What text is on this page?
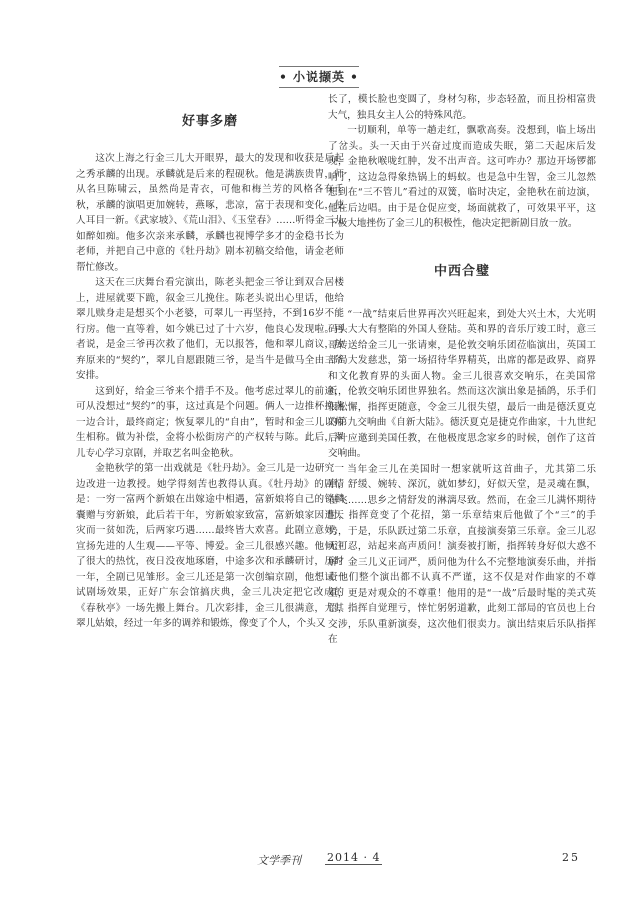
• 小说撷英 •
好事多磨

这次上海之行金三儿大开眼界，最大的发现和收获是后起之秀承麟的出现。承麟就是后来的程砚秋。他是满族贵胄，师从名旦陈啸云，虽然尚是青衣，可他和梅兰芳的风格各有千秋，承麟的演唱更加婉转，燕啄，悲凉，富于表现和变化，使人耳目一新。《武家坡》、《荒山泪》、《玉堂春》……听得金三儿如醉如痴。他多次亲来承麟，承麟也视博学多才的金稳书长为老师，并把自己中意的《牡丹劫》剧本初稿交给他，请金老师帮忙修改。

这天在三庆舞台看完演出，陈老头把金三爷让到双合居楼上，进屋就要下跪，叙金三儿挽住。陈老头说出心里话，他给翠儿赎身走是想买个小老婆，可翠儿一再坚持，不到16岁不能行房。他一直等着，如今姚已过了十六岁，他良心发现啦。再者说，是金三爷再次救了他们，无以报答，他和翠儿商议，放弃原来的“契约”，翠儿自愿跟随三爷，是当牛是做马全由三爷安排。

这到好，给金三爷来个措手不及。他考虑过翠儿的前途，可从没想过“契约”的事，这过真是个问题。俩人一边推杯换盏一边合计，最终商定；恢复翠儿的“自由”，暂时和金三儿以师生相称。做为补偿，金将小松街房产的产权转与陈。此后，翠儿专心学习京剧，并取艺名叫金艳秋。

金艳秋学的第一出戏就是《牡丹劫》。金三儿是一边研究一边改进一边教授。她学得刻苦也教得认真。《牡丹劫》的剧情是：一穷一富两个新娘在出嫁途中相遇，富新娘将自己的锁麟囊赠与穷新娘，此后若干年，穷新娘家致富，富新娘家因遭天灾而一贫如洗，后两家巧遇……最终皆大欢喜。此剧立意好，宣扬先进的人生观——平等、博爱。金三儿很感兴趣。他倾注了很大的热忱，夜日没夜地琢磨，中途多次和承麟研讨，历时一年，全剧已见雏形。金三儿还是第一次创编京剧，他想试一试剧场效果，正好广东会馆搞庆典，金三儿决定把它改成的《春秋亭》一场先搬上舞台。几次彩排，金三儿很满意，尤其翠儿姑娘，经过一年多的调养和锻炼，像变了个人，个头又

长了，模长脸也变圆了，身材匀称，步态轻盈，而且扮相富贵大气，独具女主人公的特殊风范。

一切顺利，单等一趟走红，飘歌高奏。没想到，临上场出了岔头。头一天由于兴奋过度而造成失眠，第二天起床后发现，金艳秋喉咙红肿，发不出声音。这可咋办？那边开场锣都响了，这边急得象热锅上的蚂蚁。也是急中生智，金三儿忽然想到在“三不管儿”看过的双簧，临时决定，金艳秋在前边演，他在后边唱。由于是仓促应变，场面就救了，可效果平平，这下极大地挫伤了金三儿的积极性，他决定把新剧目放一放。

中西合璧

“一战”结束后世界再次兴旺起来，到处大兴土木，大光明码头大大有整陷的外国人登陆。英和界的音乐厅竣工时，意三哥转送给金三儿一张请柬，是伦敦交响乐团莅临演出，英国工部局大发慈悲，第一场招待华界精英，出席的都是政界、商界和文化教育界的头面人物。金三儿很喜欢交响乐，在美国常听，伦敦交响乐团世界独名。然而这次演出象是插鸽，乐手们很松懈，指挥更随意，令金三儿很失望，最后一曲是德沃夏克的第九交响曲《自新大陆》。德沃夏克是捷克作曲家，十九世纪后叶应邀到美国任教，在他极度思念家乡的时候，创作了这首交响曲。

当年金三儿在美国时一想家就听这首曲子，尤其第二乐章，舒缓、婉转、深沉，就如梦幻，好似天堂，是灵魂在飘，在飞……思乡之情舒发的淋漓尽致。然而，在金三儿满怀期待时，指挥竟变了个花招，第一乐章结束后他做了个“三”的手势，于是，乐队跃过第二乐章，直接演奏第三乐章。金三儿忍无可忍，站起来高声质问！演奏被打断，指挥转身好似大惑不解？金三儿义正词严，质问他为什么不完整地演奏乐曲，并指责他们整个演出都不认真不严谨，这不仅是对作曲家的不尊重，更是对观众的不尊重！他用的是“一战”后最时髦的美式英语，指挥自觉理亏，悻忙躬躬道歉，此刻工部局的官员也上台交涉，乐队重新演奏，这次他们很卖力。演出结束后乐队指挥在

文学季刊 2014 · 4	25
